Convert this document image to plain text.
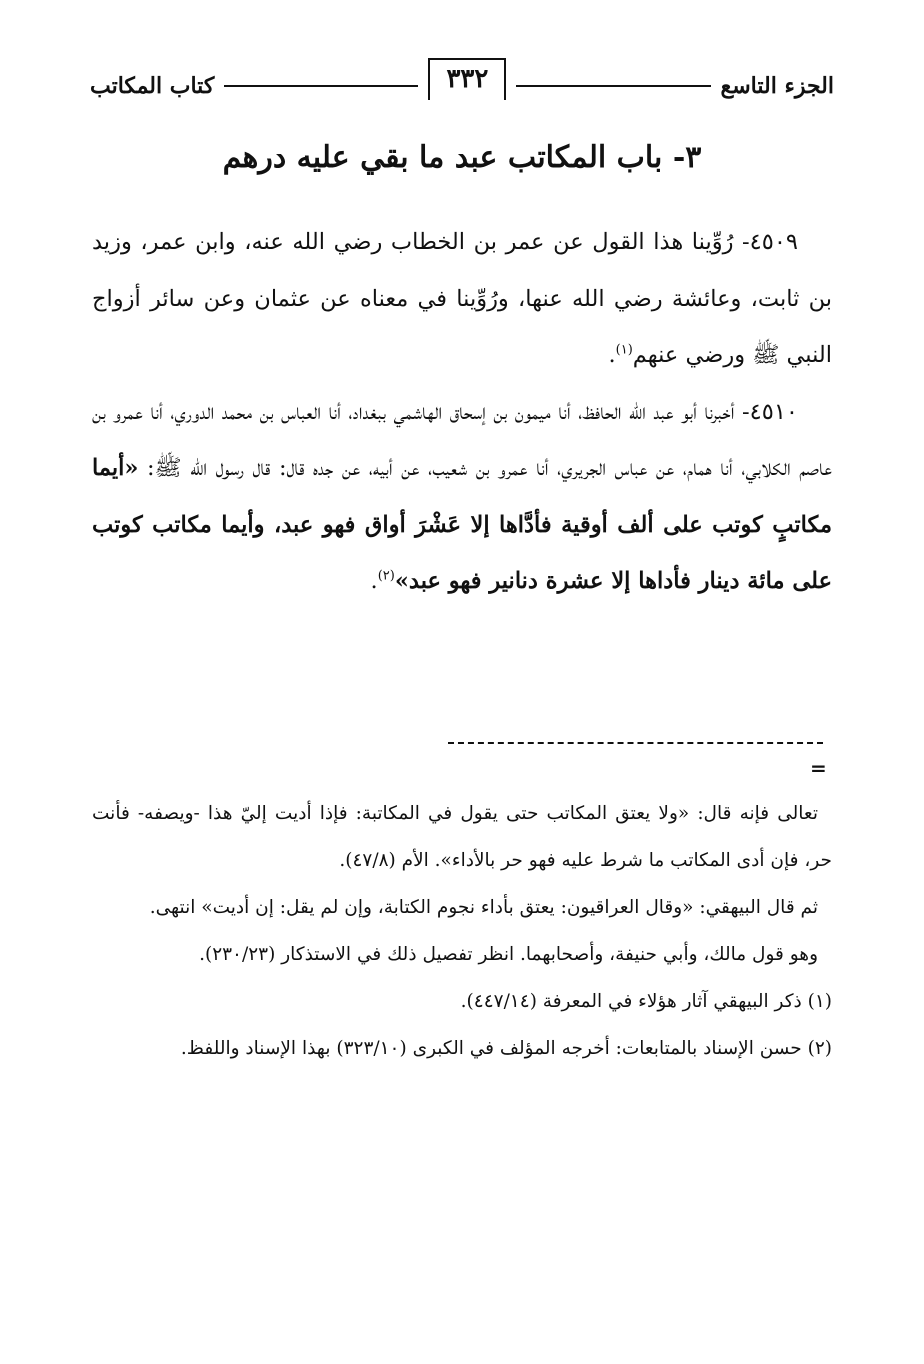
الجزء التاسع
٣٣٢
كتاب المكاتب
٣- باب المكاتب عبد ما بقي عليه درهم

٤٥٠٩- رُوِّينا هذا القول عن عمر بن الخطاب رضي الله عنه، وابن عمر، وزيد بن ثابت، وعائشة رضي الله عنها، ورُوِّينا في معناه عن عثمان وعن سائر أزواج النبي ﷺ ورضي عنهم$^{(١)}$.

٤٥١٠- أخبرنا أبو عبد الله الحافظ، أنا ميمون بن إسحاق الهاشمي ببغداد، أنا العباس بن محمد الدوري، أنا عمرو بن عاصم الكلابي، أنا همام، عن عباس الجريري، أنا عمرو بن شعيب، عن أبيه، عن جده قال: قال رسول الله ﷺ: «أيما مكاتبٍ كوتب على ألف أوقية فأدَّاها إلا عَشْرَ أواق فهو عبد، وأيما مكاتب كوتب على مائة دينار فأداها إلا عشرة دنانير فهو عبد»$^{(٢)}$.

=

تعالى فإنه قال: «ولا يعتق المكاتب حتى يقول في المكاتبة: فإذا أديت إليّ هذا -ويصفه- فأنت حر، فإن أدى المكاتب ما شرط عليه فهو حر بالأداء». الأم (٤٧/٨).

ثم قال البيهقي: «وقال العراقيون: يعتق بأداء نجوم الكتابة، وإن لم يقل: إن أديت» انتهى.

وهو قول مالك، وأبي حنيفة، وأصحابهما. انظر تفصيل ذلك في الاستذكار (٢٣٠/٢٣).

(١) ذكر البيهقي آثار هؤلاء في المعرفة (٤٤٧/١٤).

(٢) حسن الإسناد بالمتابعات: أخرجه المؤلف في الكبرى (٣٢٣/١٠) بهذا الإسناد واللفظ.
